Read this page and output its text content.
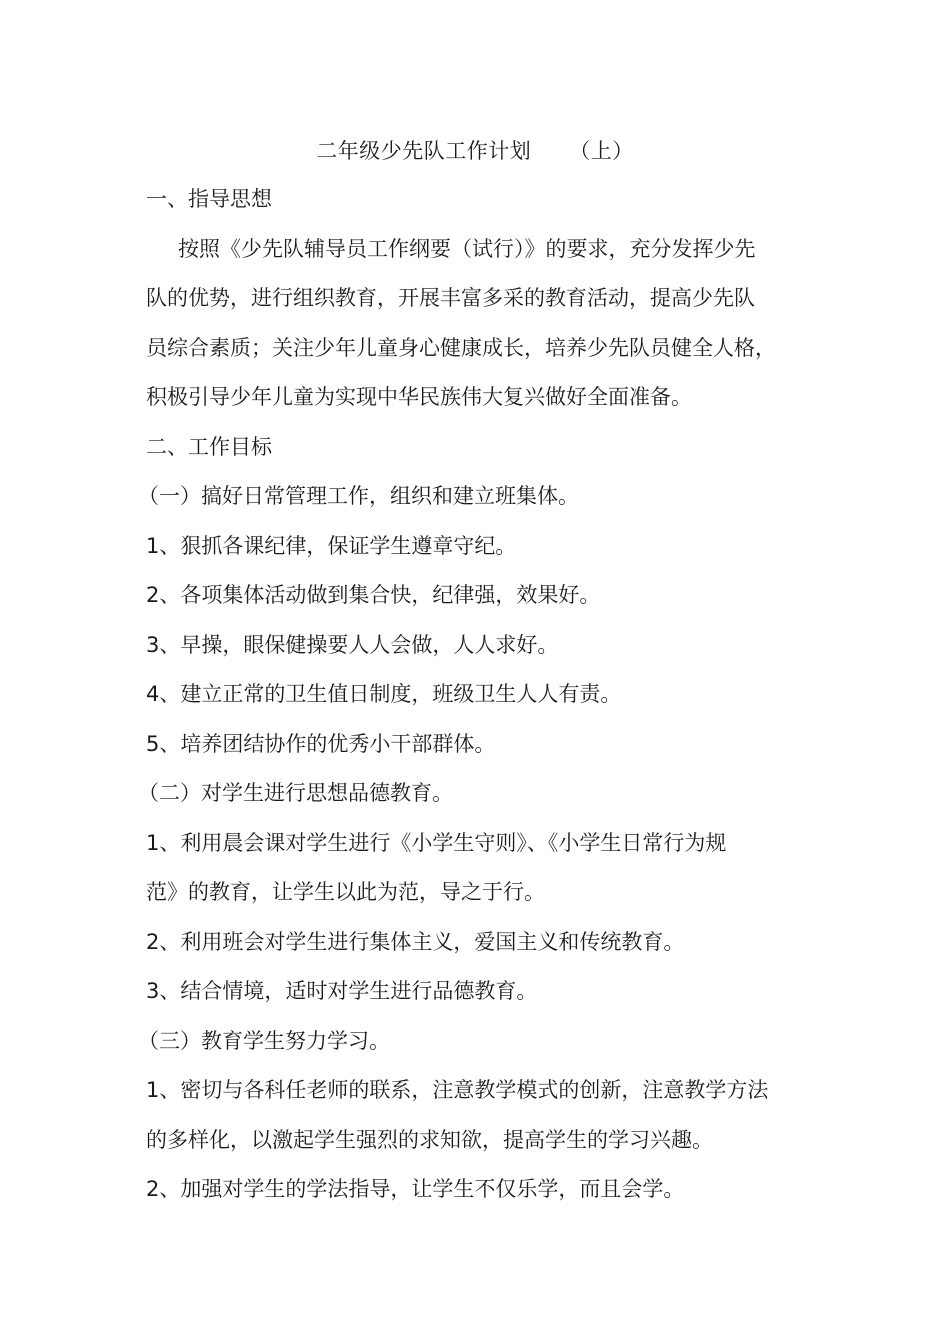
二年级少先队工作计划 （上）
一、指导思想
按照《少先队辅导员工作纲要（试行）》的要求，充分发挥少先
队的优势，进行组织教育，开展丰富多采的教育活动，提高少先队
员综合素质；关注少年儿童身心健康成长，培养少先队员健全人格，
积极引导少年儿童为实现中华民族伟大复兴做好全面准备。
二、工作目标
（一）搞好日常管理工作，组织和建立班集体。
1、狠抓各课纪律，保证学生遵章守纪。
2、各项集体活动做到集合快，纪律强，效果好。
3、早操，眼保健操要人人会做，人人求好。
4、建立正常的卫生值日制度，班级卫生人人有责。
5、培养团结协作的优秀小干部群体。
（二）对学生进行思想品德教育。
1、利用晨会课对学生进行《小学生守则》、《小学生日常行为规
范》的教育，让学生以此为范，导之于行。
2、利用班会对学生进行集体主义，爱国主义和传统教育。
3、结合情境，适时对学生进行品德教育。
（三）教育学生努力学习。
1、密切与各科任老师的联系，注意教学模式的创新，注意教学方法
的多样化，以激起学生强烈的求知欲，提高学生的学习兴趣。
2、加强对学生的学法指导，让学生不仅乐学，而且会学。
